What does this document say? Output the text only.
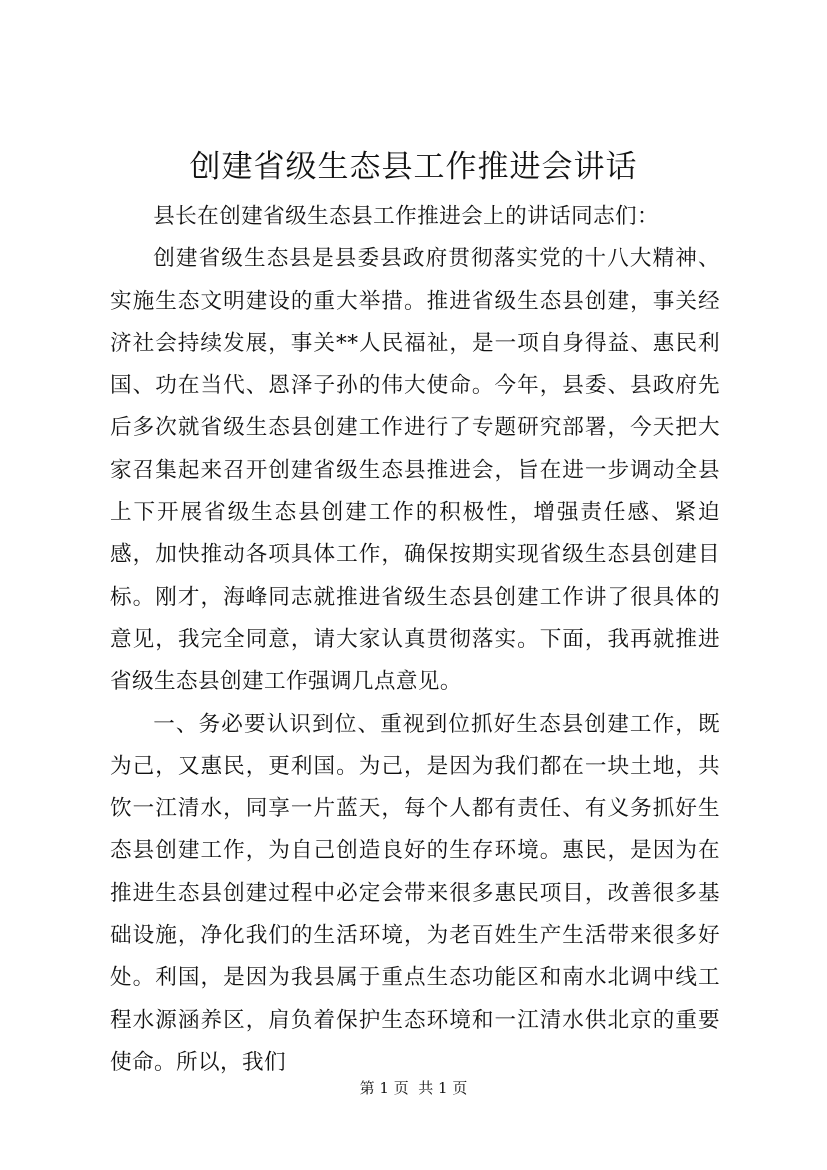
创建省级生态县工作推进会讲话

县长在创建省级生态县工作推进会上的讲话同志们：

创建省级生态县是县委县政府贯彻落实党的十八大精神、实施生态文明建设的重大举措。推进省级生态县创建，事关经济社会持续发展，事关**人民福祉，是一项自身得益、惠民利国、功在当代、恩泽子孙的伟大使命。今年，县委、县政府先后多次就省级生态县创建工作进行了专题研究部署，今天把大家召集起来召开创建省级生态县推进会，旨在进一步调动全县上下开展省级生态县创建工作的积极性，增强责任感、紧迫感，加快推动各项具体工作，确保按期实现省级生态县创建目标。刚才，海峰同志就推进省级生态县创建工作讲了很具体的意见，我完全同意，请大家认真贯彻落实。下面，我再就推进省级生态县创建工作强调几点意见。

一、务必要认识到位、重视到位抓好生态县创建工作，既为己，又惠民，更利国。为己，是因为我们都在一块土地，共饮一江清水，同享一片蓝天，每个人都有责任、有义务抓好生态县创建工作，为自己创造良好的生存环境。惠民，是因为在推进生态县创建过程中必定会带来很多惠民项目，改善很多基础设施，净化我们的生活环境，为老百姓生产生活带来很多好处。利国，是因为我县属于重点生态功能区和南水北调中线工程水源涵养区，肩负着保护生态环境和一江清水供北京的重要使命。所以，我们

第 1 页  共 1 页
